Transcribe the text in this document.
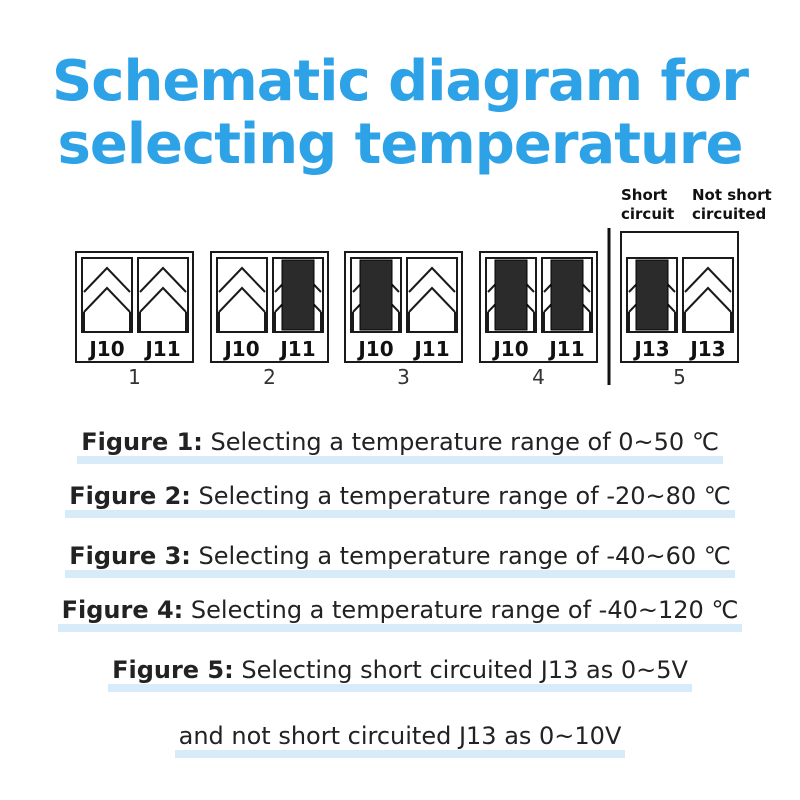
Schematic diagram for
selecting temperature
Short
circuit
Not short
circuited
J10 J11
1
J10 J11
2
J10 J11
3
J10 J11
4
J13 J13
5
Figure 1: Selecting a temperature range of 0~50 ℃
Figure 2: Selecting a temperature range of -20~80 ℃
Figure 3: Selecting a temperature range of -40~60 ℃
Figure 4: Selecting a temperature range of -40~120 ℃
Figure 5: Selecting short circuited J13 as 0~5V
and not short circuited J13 as 0~10V
